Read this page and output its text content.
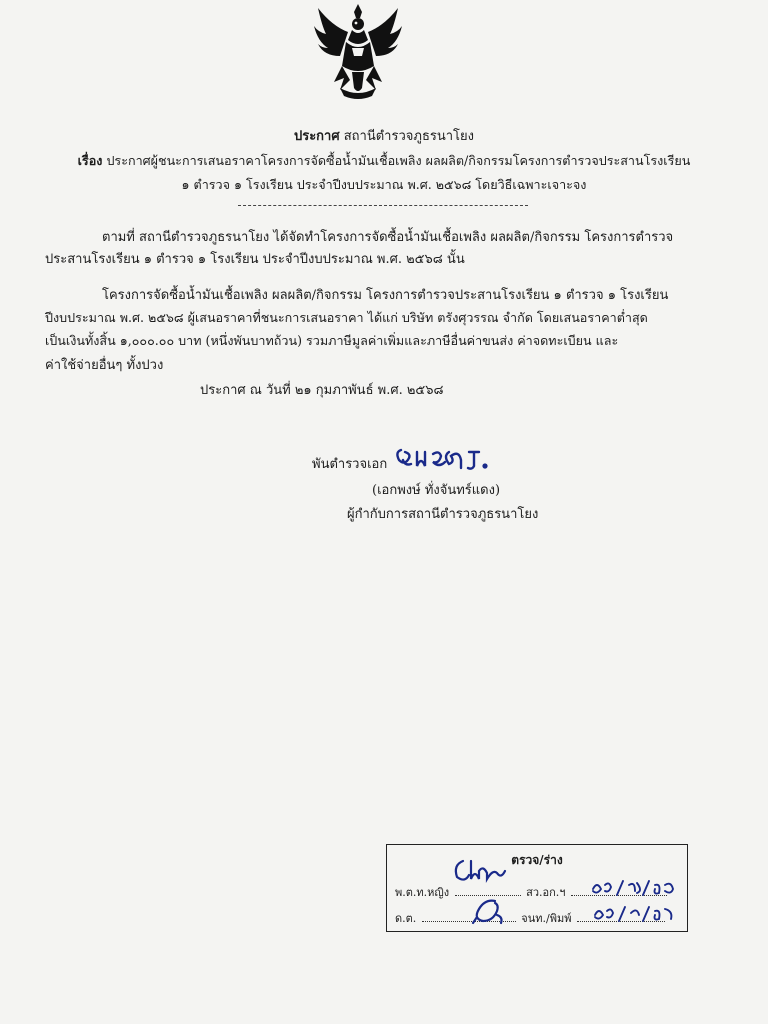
ประกาศ สถานีตำรวจภูธรนาโยง
เรื่อง ประกาศผู้ชนะการเสนอราคาโครงการจัดซื้อน้ำมันเชื้อเพลิง ผลผลิต/กิจกรรมโครงการตำรวจประสานโรงเรียน
๑ ตำรวจ ๑ โรงเรียน ประจำปีงบประมาณ พ.ศ. ๒๕๖๘ โดยวิธีเฉพาะเจาะจง
ตามที่ สถานีตำรวจภูธรนาโยง ได้จัดทำโครงการจัดซื้อน้ำมันเชื้อเพลิง ผลผลิต/กิจกรรม โครงการตำรวจ
ประสานโรงเรียน ๑ ตำรวจ ๑ โรงเรียน ประจำปีงบประมาณ พ.ศ. ๒๕๖๘ นั้น
โครงการจัดซื้อน้ำมันเชื้อเพลิง ผลผลิต/กิจกรรม โครงการตำรวจประสานโรงเรียน ๑ ตำรวจ ๑ โรงเรียน
ปีงบประมาณ พ.ศ. ๒๕๖๘ ผู้เสนอราคาที่ชนะการเสนอราคา ได้แก่ บริษัท ตรังศุวรรณ จำกัด โดยเสนอราคาต่ำสุด
เป็นเงินทั้งสิ้น ๑,๐๐๐.๐๐ บาท (หนึ่งพันบาทถ้วน) รวมภาษีมูลค่าเพิ่มและภาษีอื่นค่าขนส่ง ค่าจดทะเบียน และ
ค่าใช้จ่ายอื่นๆ ทั้งปวง
ประกาศ ณ วันที่ ๒๑ กุมภาพันธ์ พ.ศ. ๒๕๖๘
พันตำรวจเอก
(เอกพงษ์ ทั่งจันทร์แดง)
ผู้กำกับการสถานีตำรวจภูธรนาโยง
ตรวจ/ร่าง
พ.ต.ท.หญิง	สว.อก.ฯ
ด.ต.	จนท./พิมพ์
